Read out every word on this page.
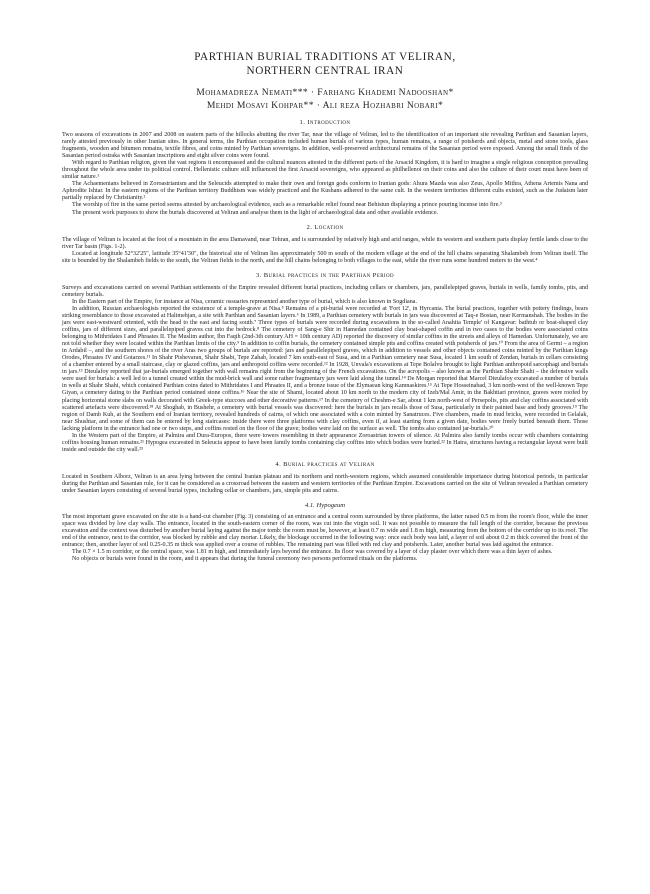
PARTHIAN BURIAL TRADITIONS AT VELIRAN,
NORTHERN CENTRAL IRAN
Mohamadreza Nemati*** · Farhang Khademi Nadooshan*
Mehdi Mosavi Kohpar** · Ali reza Hozhabri Nobari*
1. Introduction

Two seasons of excavations in 2007 and 2008 on eastern parts of the hillocks abutting the river Tar, near the village of Veliran, led to the identification of an important site revealing Parthian and Sasanian layers, rarely attested previously in other Iranian sites. In general terms, the Parthian occupation included human burials of various types, human remains, a range of potsherds and objects, metal and stone tools, glass fragments, wooden and bitumen remains, textile fibres, and coins minted by Parthian sovereigns. In addition, well-preserved architectural remains of the Sasanian period were exposed. Among the small finds of the Sasanian period ostraka with Sasanian inscriptions and eight silver coins were found.

With regard to Parthian religion, given the vast regions it encompassed and the cultural nuances attested in the different parts of the Arsacid Kingdom, it is hard to imagine a single religious conception prevailing throughout the whole area under its political control. Hellenistic culture still influenced the first Arsacid sovereigns, who appeared as philhellenoi on their coins and also the culture of their court must have been of similar nature.¹

The Achaemenians believed in Zoroastrianism and the Seleucids attempted to make their own and foreign gods conform to Iranian gods: Ahura Mazda was also Zeus, Apollo Mithra, Athena Artemis Nana and Aphrodite Ishtar. In the eastern regions of the Parthian territory Buddhism was widely practiced and the Kushans adhered to the same cult. In the western territories different cults existed, such as the Judaism later partially replaced by Christianity.²

The worship of fire in the same period seems attested by archaeological evidence, such as a remarkable relief found near Behistun displaying a prince pouring incense into fire.³

The present work purposes to show the burials discovered at Veliran and analyse them in the light of archaeological data and other available evidence.

2. Location

The village of Veliran is located at the foot of a mountain in the area Damavand, near Tehran, and is surrounded by relatively high and arid ranges, while its western and southern parts display fertile lands close to the river Tar basin (Figs. 1-2).

Located at longitude 52°32'25", latitude 35°41'30", the historical site of Veliran lies approximately 500 m south of the modern village at the end of the hill chains separating Shalambeh from Veliran itself. The site is bounded by the Shalambeh fields to the south, the Veliran fields to the north, and the hill chains belonging to both villages to the east, while the river runs some hundred meters to the west.⁴

3. Burial practices in the Parthian Period

Surveys and excavations carried on several Parthian settlements of the Empire revealed different burial practices, including cellars or chambers, jars, parallelepiped graves, burials in wells, family tombs, pits, and cemetery burials.

In the Eastern part of the Empire, for instance at Nisa, ceramic ossuaries represented another type of burial, which is also known in Sogdiana.

In addition, Russian archaeologists reported the existence of a temple-grave at Nisa.⁵ Remains of a pit-burial were recorded at 'Fort 12', in Hyrcania. The burial practices, together with pottery findings, bears striking resemblance to those excavated at Halimehjan, a site with Parthian and Sasanian layers.⁶ In 1989, a Parthian cemetery with burials in jars was discovered at Taq-e Bostan, near Kermanshah. The bodies in the jars were east-westward oriented, with the head to the east and facing south.⁷ Three types of burials were recorded during excavations in the so-called Anahita Temple' of Kangavar: bathtub or boat-shaped clay coffins, jars of different sizes, and parallelepiped graves cut into the bedrock.⁸ The cemetery of Sang-e Shir in Hamedan contained clay boat-shaped coffin and in two cases to the bodies were associated coins belonging to Mithridates I and Phraates II. The Muslim author, Ibn Faqih (2nd-3th century AH = 10th century AD) reported the discovery of similar coffins in the streets and alleys of Hamedan. Unfortunately, we are not told whether they were located within the Parthian limits of the city.⁹ In addition to coffin burials, the cemetery contained simple pits and coffins created with potsherds of jars.¹⁰ From the area of Germi – a region in Ardabil –, and the southern shores of the river Aras two groups of burials are reported: jars and parallelepiped graves, which in addition to vessels and other objects contained coins minted by the Parthian kings Orodes, Phraates IV and Gotarzes.¹¹ In Shahr Pishevaran, Shahr Shabi, Tepe Zahab, located 7 km south-east of Susa, and in a Parthian cemetery near Susa, located 1 km south of Zendan, burials in cellars consisting of a chamber entered by a small staircase, clay or glazed coffins, jars and anthropoid coffins were recorded.¹² In 1928, Unvala's excavations at Tepe Bolalvu brought to light Parthian anthropoid sarcophagi and burials in jars.¹³ Dieulafoy reported that jar-burials emerged together with wall remains right from the beginning of the French excavations. On the acropolis – also known as the Parthian Shahr Shahi – the defensive walls were used for burials: a well led to a tunnel created within the mud-brick wall and some rather fragmentary jars were laid along the tunnel.¹⁴ De Morgan reported that Marcel Dieulafoy excavated a number of burials in wells at Shahr Shahi, which contained Parthian coins dated to Mithridates I and Phraates II, and a bronze issue of the Elymaean king Kamnaskires.¹⁵ At Tepe Hosseinabad, 3 km north-west of the well-known Tepe Giyan, a cemetery dating to the Parthian period contained stone coffins.¹⁶ Near the site of Shami, located about 10 km north to the modern city of Izeh/Mal Amir, in the Bakhtiari province, graves were roofed by placing horizontal stone slabs on walls decorated with Greek-type stuccoes and other decorative patterns.¹⁷ In the cemetery of Cheshm-e Sar, about 1 km north-west of Persepolis, pits and clay coffins associated with scattered artefacts were discovered.¹⁸ At Shoghab, in Bushehr, a cemetery with burial vessels was discovered: here the burials in jars recalls those of Susa, particularly in their painted base and body grooves.¹⁹ The region of Damb Kuh, at the Southern end of Iranian territory, revealed hundreds of cairns, of which one associated with a coin minted by Sanatruces. Five chambers, made in mud bricks, were recorded in Gelalak, near Shushtar, and some of them can be entered by long staircases: inside there were three platforms with clay coffins, even if, at least starting from a given date, bodies were freely buried beneath them. Those lacking platform in the entrance had one or two steps, and coffins rested on the floor of the grave; bodies were laid on the surface as well. The tombs also contained jar-burials.²⁰

In the Western part of the Empire, at Palmira and Dura-Europos, there were towers resembling in their appearance Zoroastrian towers of silence. At Palmira also family tombs occur with chambers containing coffins housing human remains.²¹ Hypogea excavated in Seleucia appear to have been family tombs containing clay coffins into which bodies were buried.²² In Hatra, structures having a rectangular layout were built inside and outside the city wall.²³

4. Burial practices at Veliran

Located in Southern Alborz, Veliran is an area lying between the central Iranian plateau and its northern and north-western regions, which assumed considerable importance during historical periods, in particular during the Parthian and Sasanian rule, for it can be considered as a crossroad between the eastern and western territories of the Parthian Empire. Excavations carried on the site of Veliran revealed a Parthian cemetery under Sasanian layers consisting of several burial types, including cellar or chambers, jars, simple pits and cairns.

4.1. Hypogeum

The most important grave excavated on the site is a hand-cut chamber (Fig. 3) consisting of an entrance and a central room surrounded by three platforms, the latter raised 0.5 m from the room's floor, while the inner space was divided by low clay walls. The entrance, located in the south-eastern corner of the room, was cut into the virgin soil. It was not possible to measure the full length of the corridor, because the previous excavation and the context was disturbed by another burial laying against the major tomb: the room must be, however, at least 0.7 m wide and 1.8 m high, measuring from the bottom of the corridor up to its roof. The end of the entrance, next to the corridor, was blocked by rubble and clay mortar. Likely, the blockage occurred in the following way: once each body was laid, a layer of soil about 0.2 m thick covered the front of the entrance; then, another layer of soil 0.25-0.35 m thick was applied over a course of rubbles. The remaining part was filled with red clay and potsherds. Later, another burial was laid against the entrance.

The 0.7 × 1.5 m corridor, or the central space, was 1.81 m high, and immediately lays beyond the entrance. Its floor was covered by a layer of clay plaster over which there was a thin layer of ashes.

No objects or burials were found in the room, and it appears that during the funeral ceremony two persons performed rituals on the platforms.
